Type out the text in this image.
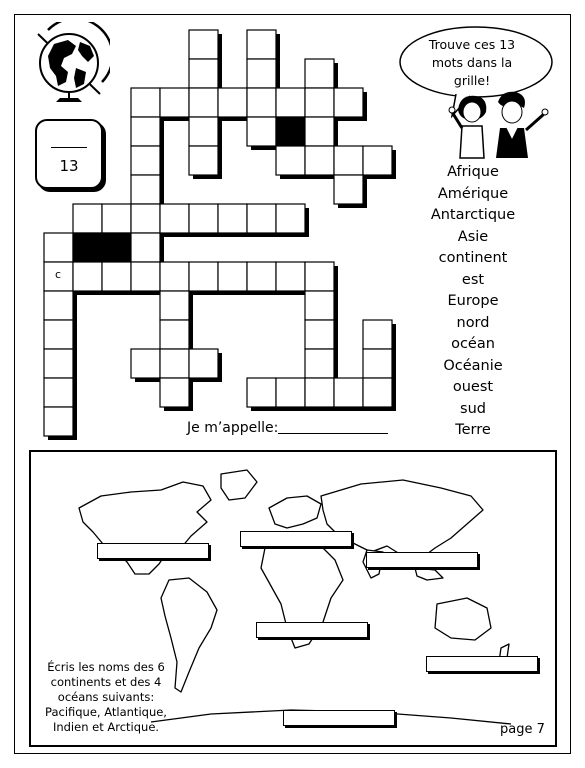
13
Trouve ces 13
mots dans la
grille!
c
Afrique
Amérique
Antarctique
Asie
continent
est
Europe
nord
océan
Océanie
ouest
sud
Terre
Je m’appelle:
Écris les noms des 6
continents et des 4
océans suivants:
Pacifique, Atlantique,
Indien et Arctique.	page 7
